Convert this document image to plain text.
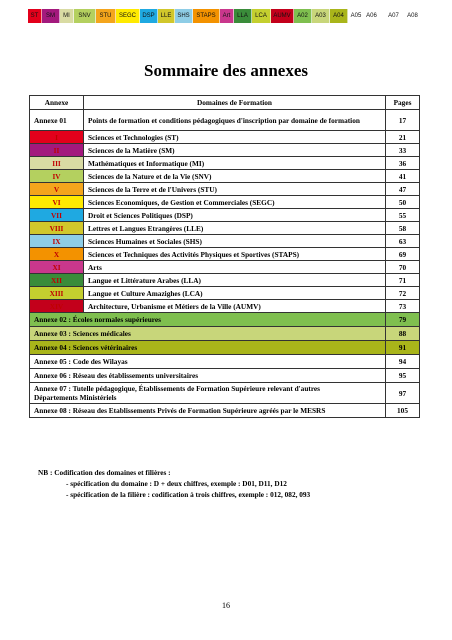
ST	SM	MI	SNV	STU	SEGC	DSP LLE SHS	STAPS	Art	LLA	LCA	AUMV	A02	A03	A04	A05 A06	A07	A08
Sommaire des annexes
Annexe	Domaines de Formation	Pages
Annexe 01	Points de formation et conditions pédagogiques d'inscription par domaine de formation	17
I	Sciences et Technologies (ST)	21
II	Sciences de la Matière (SM)	33
III	Mathématiques et Informatique (MI)	36
IV	Sciences de la Nature et de la Vie (SNV)	41
V	Sciences de la Terre et de l'Univers (STU)	47
VI	Sciences Economiques, de Gestion et Commerciales (SEGC)	50
VII	Droit et Sciences Politiques (DSP)	55
VIII	Lettres et Langues Etrangères (LLE)	58
IX	Sciences Humaines et Sociales (SHS)	63
X	Sciences et Techniques des Activités Physiques et Sportives (STAPS)	69
XI	Arts	70
XII	Langue et Littérature Arabes (LLA)	71
XIII	Langue et Culture Amazighes (LCA)	72
XIV	Architecture, Urbanisme et Métiers de la Ville (AUMV)	73
Annexe 02 : Écoles normales supérieures		79
Annexe 03 : Sciences médicales		88
Annexe 04 : Sciences vétérinaires		91
Annexe 05 : Code des Wilayas		94
Annexe 06 : Réseau des établissements universitaires		95
Annexe 07 : Tutelle pédagogique, Établissements de Formation Supérieure relevant d'autres Départements Ministériels		97
Annexe 08 : Réseau des Etablissements Privés de Formation Supérieure agréés par le MESRS		105
NB : Codification des domaines et filières :
- spécification du domaine : D + deux chiffres, exemple : D01, D11, D12
- spécification de la filière : codification à trois chiffres, exemple : 012, 082, 093
16
